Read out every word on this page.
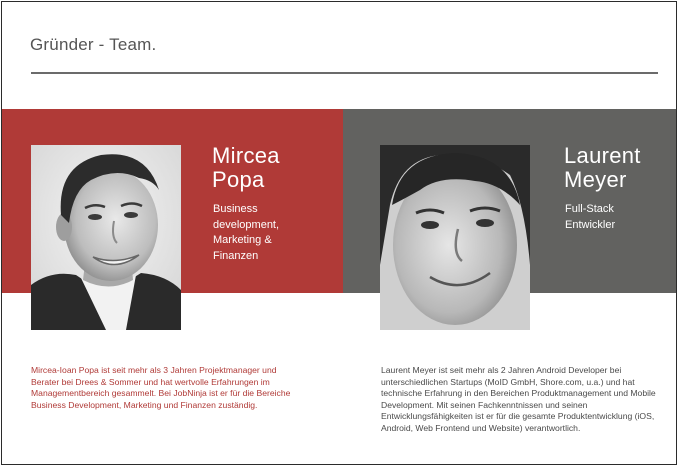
Gründer - Team.
Mircea
Popa
Business
development,
Marketing &
Finanzen
Laurent
Meyer
Full-Stack
Entwickler
Mircea-Ioan Popa ist seit mehr als 3 Jahren Projektmanager und Berater bei Drees & Sommer und hat wertvolle Erfahrungen im Managementbereich gesammelt. Bei JobNinja ist er für die Bereiche Business Development, Marketing und Finanzen zuständig.
Laurent Meyer ist seit mehr als 2 Jahren Android Developer bei unterschiedlichen Startups (MoID GmbH, Shore.com, u.a.) und hat technische Erfahrung in den Bereichen Produktmanagement und Mobile Development. Mit seinen Fachkenntnissen und seinen Entwicklungsfähigkeiten ist er für die gesamte Produktentwicklung (iOS, Android, Web Frontend und Website) verantwortlich.
